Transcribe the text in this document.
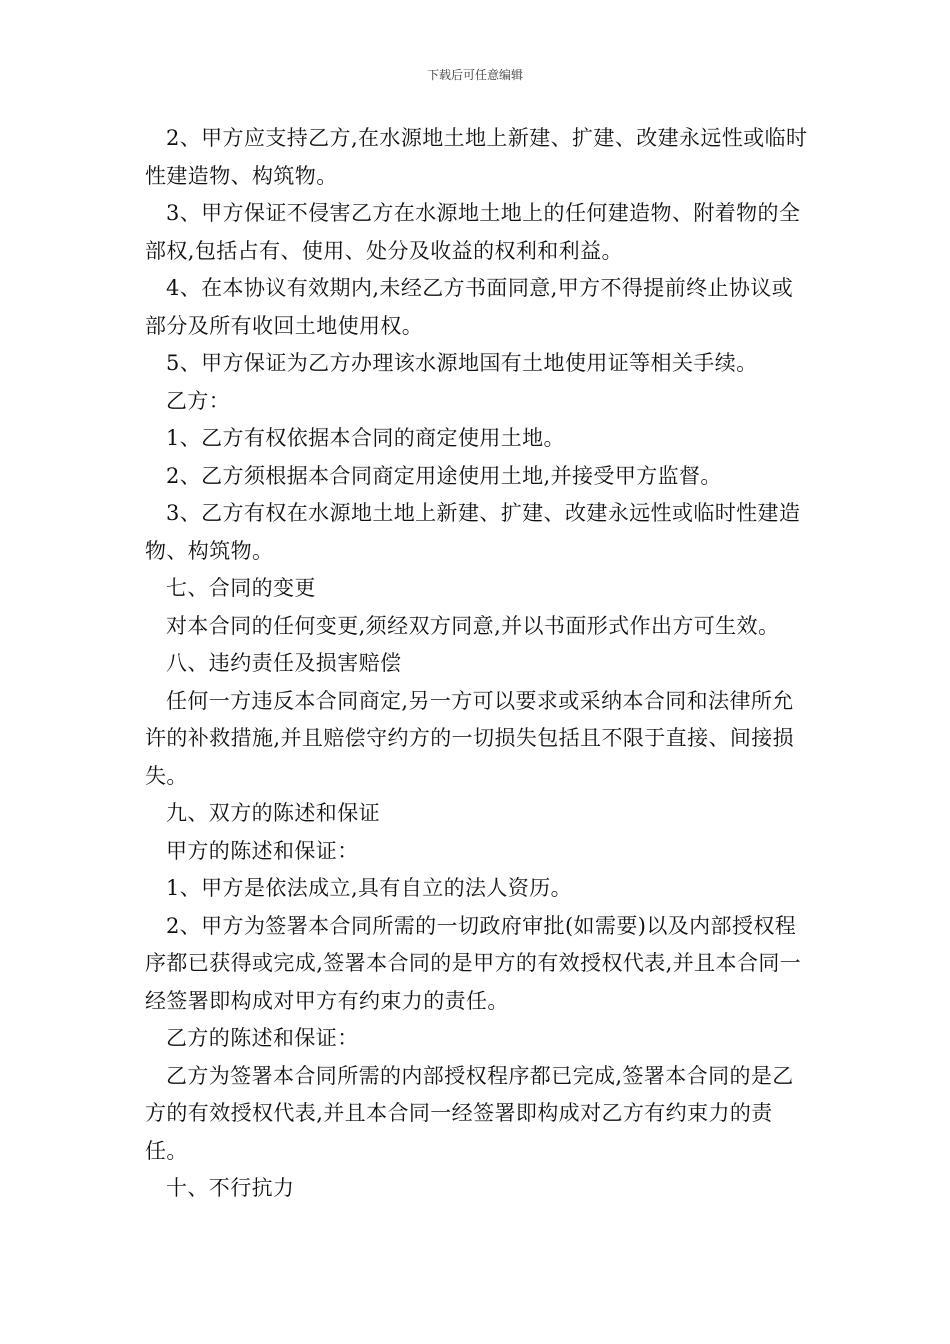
下载后可任意编辑

2、甲方应支持乙方,在水源地土地上新建、扩建、改建永远性或临时性建造物、构筑物。

3、甲方保证不侵害乙方在水源地土地上的任何建造物、附着物的全部权,包括占有、使用、处分及收益的权利和利益。

4、在本协议有效期内,未经乙方书面同意,甲方不得提前终止协议或部分及所有收回土地使用权。

5、甲方保证为乙方办理该水源地国有土地使用证等相关手续。

乙方：

1、乙方有权依据本合同的商定使用土地。

2、乙方须根据本合同商定用途使用土地,并接受甲方监督。

3、乙方有权在水源地土地上新建、扩建、改建永远性或临时性建造物、构筑物。

七、合同的变更

对本合同的任何变更,须经双方同意,并以书面形式作出方可生效。

八、违约责任及损害赔偿

任何一方违反本合同商定,另一方可以要求或采纳本合同和法律所允许的补救措施,并且赔偿守约方的一切损失包括且不限于直接、间接损失。

九、双方的陈述和保证

甲方的陈述和保证：

1、甲方是依法成立,具有自立的法人资历。

2、甲方为签署本合同所需的一切政府审批(如需要)以及内部授权程序都已获得或完成,签署本合同的是甲方的有效授权代表,并且本合同一经签署即构成对甲方有约束力的责任。

乙方的陈述和保证：

乙方为签署本合同所需的内部授权程序都已完成,签署本合同的是乙方的有效授权代表,并且本合同一经签署即构成对乙方有约束力的责任。

十、不行抗力
